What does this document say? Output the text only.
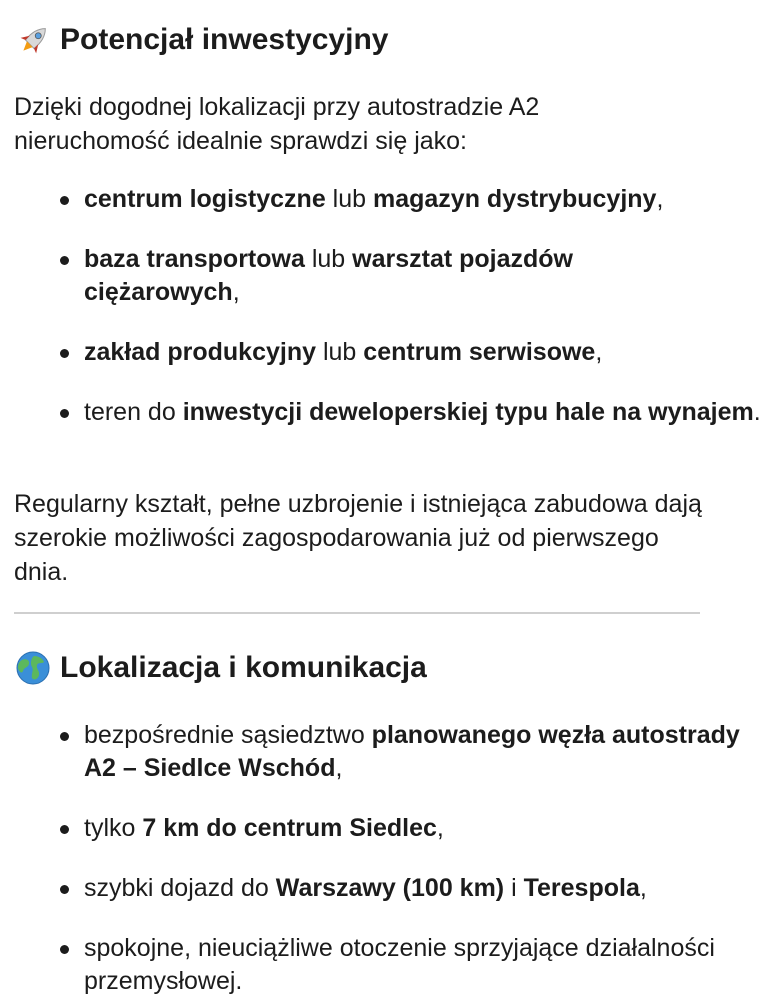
Potencjał inwestycyjny

Dzięki dogodnej lokalizacji przy autostradzie A2 nieruchomość idealnie sprawdzi się jako:

centrum logistyczne lub magazyn dystrybucyjny,
baza transportowa lub warsztat pojazdów ciężarowych,
zakład produkcyjny lub centrum serwisowe,
teren do inwestycji deweloperskiej typu hale na wynajem.

Regularny kształt, pełne uzbrojenie i istniejąca zabudowa dają szerokie możliwości zagospodarowania już od pierwszego dnia.

Lokalizacja i komunikacja
bezpośrednie sąsiedztwo planowanego węzła autostrady A2 – Siedlce Wschód,
tylko 7 km do centrum Siedlec,
szybki dojazd do Warszawy (100 km) i Terespola,
spokojne, nieuciążliwe otoczenie sprzyjające działalności przemysłowej.
